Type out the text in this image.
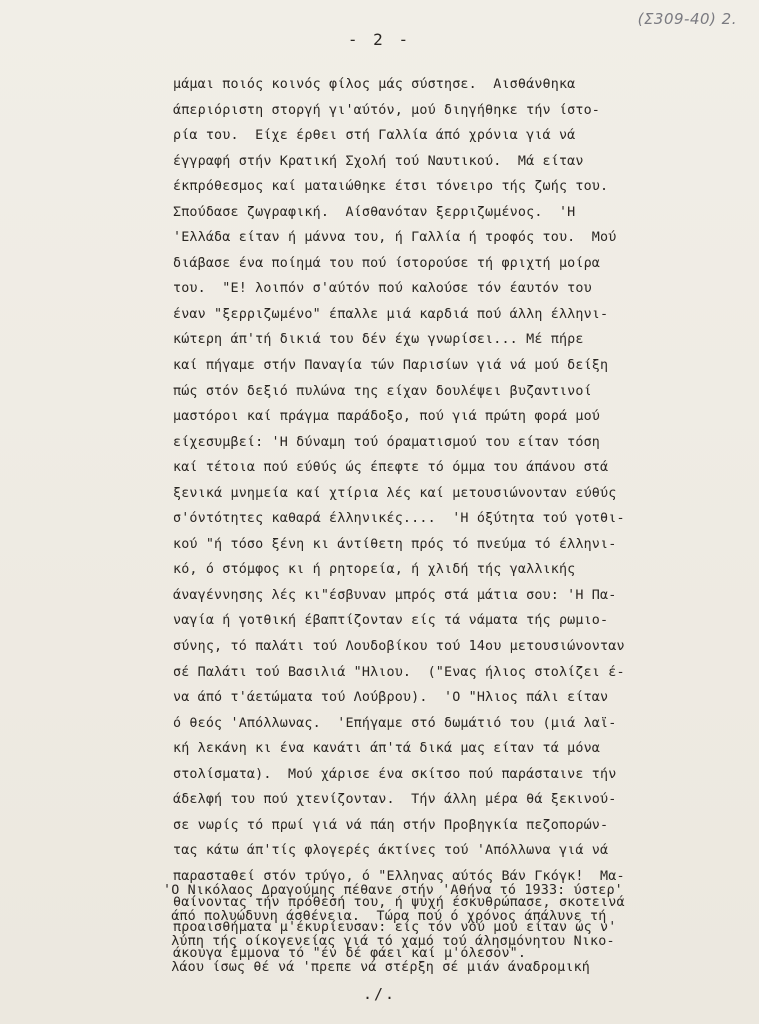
(Σ309-40) 2.
- 2 -
μάμαι ποιός κοινός φίλος μάς σύστησε.  Αισθάνθηκα
άπεριόριστη στοργή γι'αύτόν, μού διηγήθηκε τήν ίστο-
ρία του.  Είχε έρθει στή Γαλλία άπό χρόνια γιά νά
έγγραφή στήν Κρατική Σχολή τού Ναυτικού.  Μά είταν
έκπρόθεσμος καί ματαιώθηκε έτσι τόνειρο τής ζωής του.
Σπούδασε ζωγραφική.  Αίσθανόταν ξερριζωμένος.  'Η
'Ελλάδα είταν ή μάννα του, ή Γαλλία ή τροφός του.  Μού
διάβασε ένα ποίημά του πού ίστορούσε τή φριχτή μοίρα
του.  "Ε! λοιπόν σ'αύτόν πού καλούσε τόν έαυτόν του
έναν "ξερριζωμένο" έπαλλε μιά καρδιά πού άλλη έλληνι-
κώτερη άπ'τή δικιά του δέν έχω γνωρίσει... Μέ πήρε
καί πήγαμε στήν Παναγία τών Παρισίων γιά νά μού δείξη
πώς στόν δεξιό πυλώνα της είχαν δουλέψει βυζαντινοί
μαστόροι καί πράγμα παράδοξο, πού γιά πρώτη φορά μού
είχεσυμβεί: 'Η δύναμη τού όραματισμού του είταν τόση
καί τέτοια πού εύθύς ώς έπεφτε τό όμμα του άπάνου στά
ξενικά μνημεία καί χτίρια λές καί μετουσιώνονταν εύθύς
σ'όντότητες καθαρά έλληνικές....  'Η όξύτητα τού γοτθι-
κού "ή τόσο ξένη κι άντίθετη πρός τό πνεύμα τό έλληνι-
κό, ό στόμφος κι ή ρητορεία, ή χλιδή τής γαλλικής
άναγέννησης λές κι"έσβυναν μπρός στά μάτια σου: 'Η Πα-
ναγία ή γοτθική έβαπτίζονταν είς τά νάματα τής ρωμιο-
σύνης, τό παλάτι τού Λουδοβίκου τού 14ου μετουσιώνονταν
σέ Παλάτι τού Βασιλιά "Ηλιου.  ("Ενας ήλιος στολίζει έ-
να άπό τ'άετώματα τού Λούβρου).  'Ο "Ηλιος πάλι είταν
ό θεός 'Απόλλωνας.  'Επήγαμε στό δωμάτιό του (μιά λαϊ-
κή λεκάνη κι ένα κανάτι άπ'τά δικά μας είταν τά μόνα
στολίσματα).  Μού χάρισε ένα σκίτσο πού παράσταινε τήν
άδελφή του πού χτενίζονταν.  Τήν άλλη μέρα θά ξεκινού-
σε νωρίς τό πρωί γιά νά πάη στήν Προβηγκία πεζοπορών-
τας κάτω άπ'τίς φλογερές άκτίνες τού 'Απόλλωνα γιά νά
παρασταθεί στόν τρύγο, ό "Ελληνας αύτός Βάν Γκόγκ!  Μα-
θαίνοντας τήν πρόθεσή του, ή ψυχή έσκυθρώπασε, σκοτεινά
προαισθήματα μ'έκυρίευσαν: είς τόν νού μου είταν ώς ν'
άκουγα έμμονα τό "έν δέ φάει καί μ'όλεσον".
'Ο Νικόλαος Δραγούμης πέθανε στήν 'Αθήνα τό 1933: ύστερ'
άπό πολυώδυνη άσθένεια.  Τώρα πού ό χρόνος άπάλυνε τή
λύπη τής οίκογενείας γιά τό χαμό τού άλησμόνητου Νικο-
λάου ίσως θέ νά 'πρεπε νά στέρξη σέ μιάν άναδρομική
./.
